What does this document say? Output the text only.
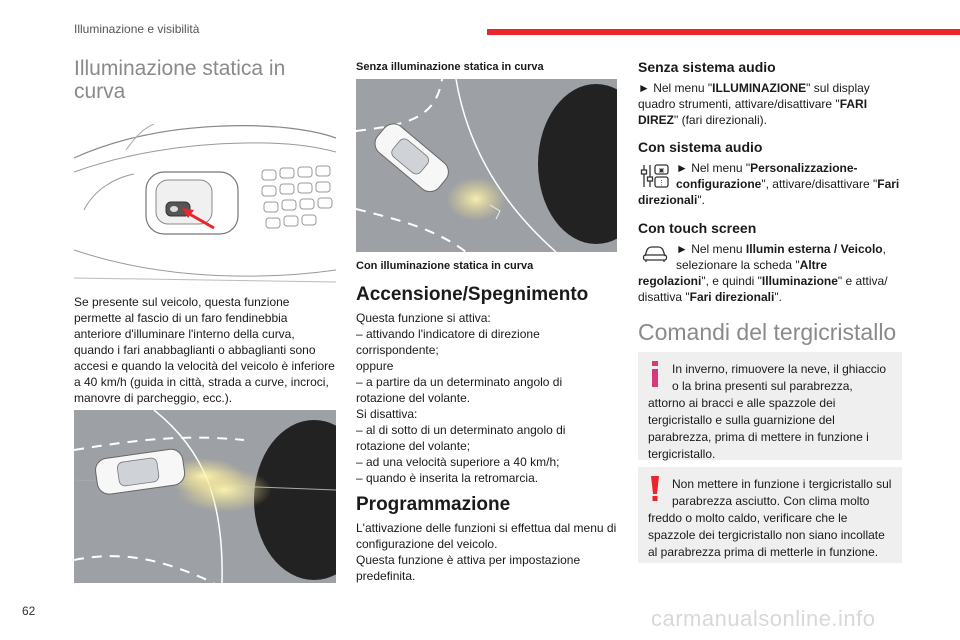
Illuminazione e visibilità
Illuminazione statica in
curva
Se presente sul veicolo, questa funzione
permette al fascio di un faro fendinebbia
anteriore d'illuminare l'interno della curva,
quando i fari anabbaglianti o abbaglianti sono
accesi e quando la velocità del veicolo è inferiore
a 40 km/h (guida in città, strada a curve, incroci,
manovre di parcheggio, ecc.).
Senza illuminazione statica in curva
Con illuminazione statica in curva
Accensione/Spegnimento
Questa funzione si attiva:
– attivando l'indicatore di direzione
corrispondente;
oppure
– a partire da un determinato angolo di
rotazione del volante.
Si disattiva:
– al di sotto di un determinato angolo di
rotazione del volante;
– ad una velocità superiore a 40 km/h;
– quando è inserita la retromarcia.
Programmazione
L'attivazione delle funzioni si effettua dal menu di
configurazione del veicolo.
Questa funzione è attiva per impostazione
predefinita.
Senza sistema audio
► Nel menu "ILLUMINAZIONE" sul display
quadro strumenti, attivare/disattivare "FARI
DIREZ" (fari direzionali).
Con sistema audio
▣
⋮
► Nel menu "Personalizzazione-
configurazione", attivare/disattivare "Fari
direzionali".
Con touch screen
► Nel menu Illumin esterna / Veicolo,
selezionare la scheda "Altre
regolazioni", e quindi "Illuminazione" e attiva/
disattiva "Fari direzionali".
Comandi del tergicristallo
In inverno, rimuovere la neve, il ghiaccio
o la brina presenti sul parabrezza,
attorno ai bracci e alle spazzole dei
tergicristallo e sulla guarnizione del
parabrezza, prima di mettere in funzione i
tergicristallo.
Non mettere in funzione i tergicristallo sul
parabrezza asciutto. Con clima molto
freddo o molto caldo, verificare che le
spazzole dei tergicristallo non siano incollate
al parabrezza prima di metterle in funzione.
62	carmanualsonline.info
